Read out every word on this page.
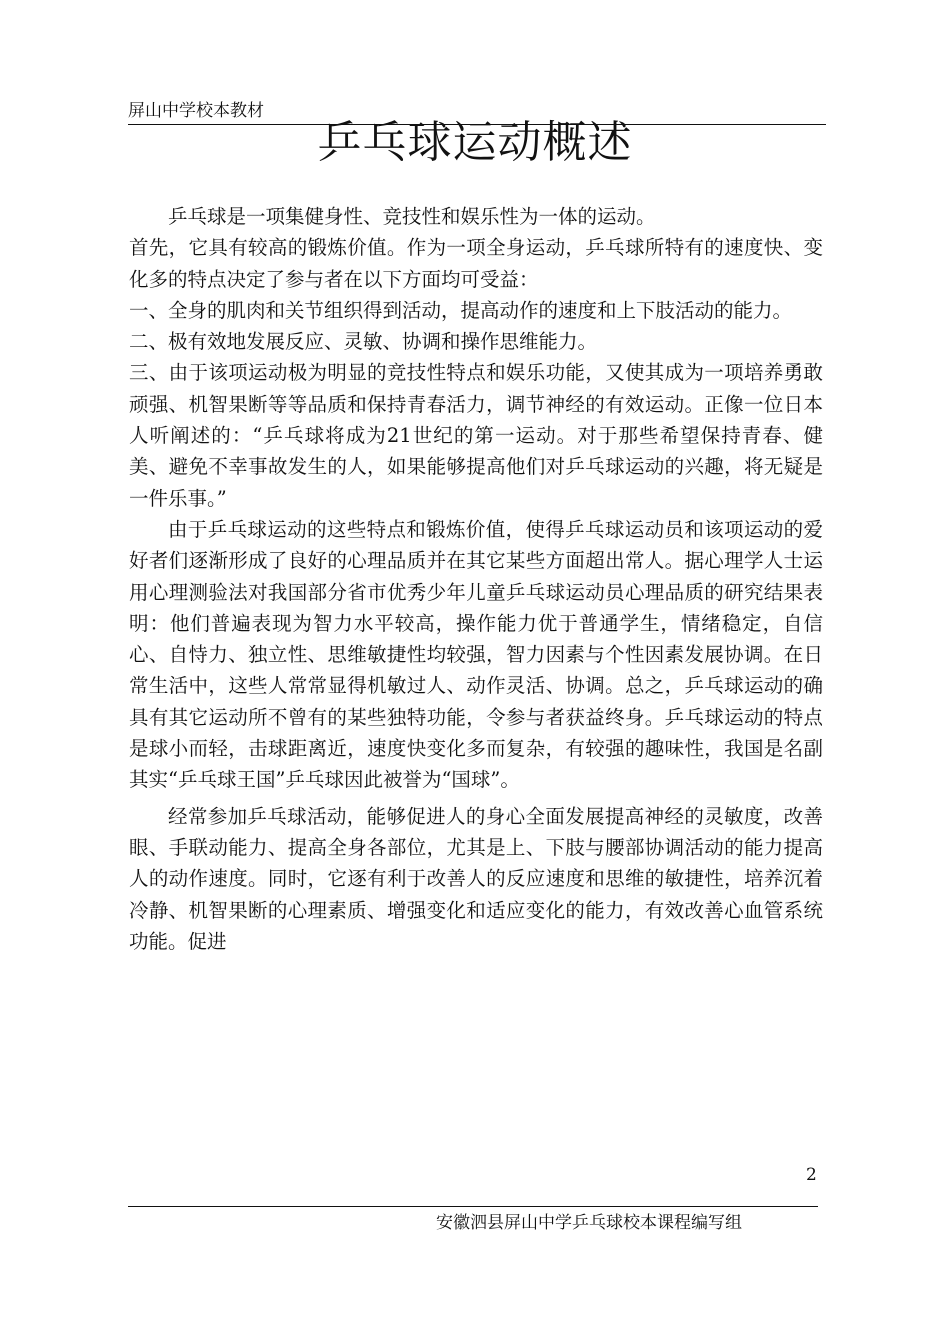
屏山中学校本教材
乒乓球运动概述

乒乓球是一项集健身性、竞技性和娱乐性为一体的运动。

首先，它具有较高的锻炼价值。作为一项全身运动，乒乓球所特有的速度快、变化多的特点决定了参与者在以下方面均可受益：

一、全身的肌肉和关节组织得到活动，提高动作的速度和上下肢活动的能力。

二、极有效地发展反应、灵敏、协调和操作思维能力。

三、由于该项运动极为明显的竞技性特点和娱乐功能，又使其成为一项培养勇敢顽强、机智果断等等品质和保持青春活力，调节神经的有效运动。正像一位日本人听阐述的：“乒乓球将成为21世纪的第一运动。对于那些希望保持青春、健美、避免不幸事故发生的人，如果能够提高他们对乒乓球运动的兴趣，将无疑是一件乐事。”

由于乒乓球运动的这些特点和锻炼价值，使得乒乓球运动员和该项运动的爱好者们逐渐形成了良好的心理品质并在其它某些方面超出常人。据心理学人士运用心理测验法对我国部分省市优秀少年儿童乒乓球运动员心理品质的研究结果表明：他们普遍表现为智力水平较高，操作能力优于普通学生，情绪稳定，自信心、自恃力、独立性、思维敏捷性均较强，智力因素与个性因素发展协调。在日常生活中，这些人常常显得机敏过人、动作灵活、协调。总之，乒乓球运动的确具有其它运动所不曾有的某些独特功能，令参与者获益终身。乒乓球运动的特点是球小而轻，击球距离近，速度快变化多而复杂，有较强的趣味性，我国是名副其实“乒乓球王国”乒乓球因此被誉为“国球”。

经常参加乒乓球活动，能够促进人的身心全面发展提高神经的灵敏度，改善眼、手联动能力、提高全身各部位，尤其是上、下肢与腰部协调活动的能力提高人的动作速度。同时，它逐有利于改善人的反应速度和思维的敏捷性，培养沉着冷静、机智果断的心理素质、增强变化和适应变化的能力，有效改善心血管系统功能。促进

2
安徽泗县屏山中学乒乓球校本课程编写组
